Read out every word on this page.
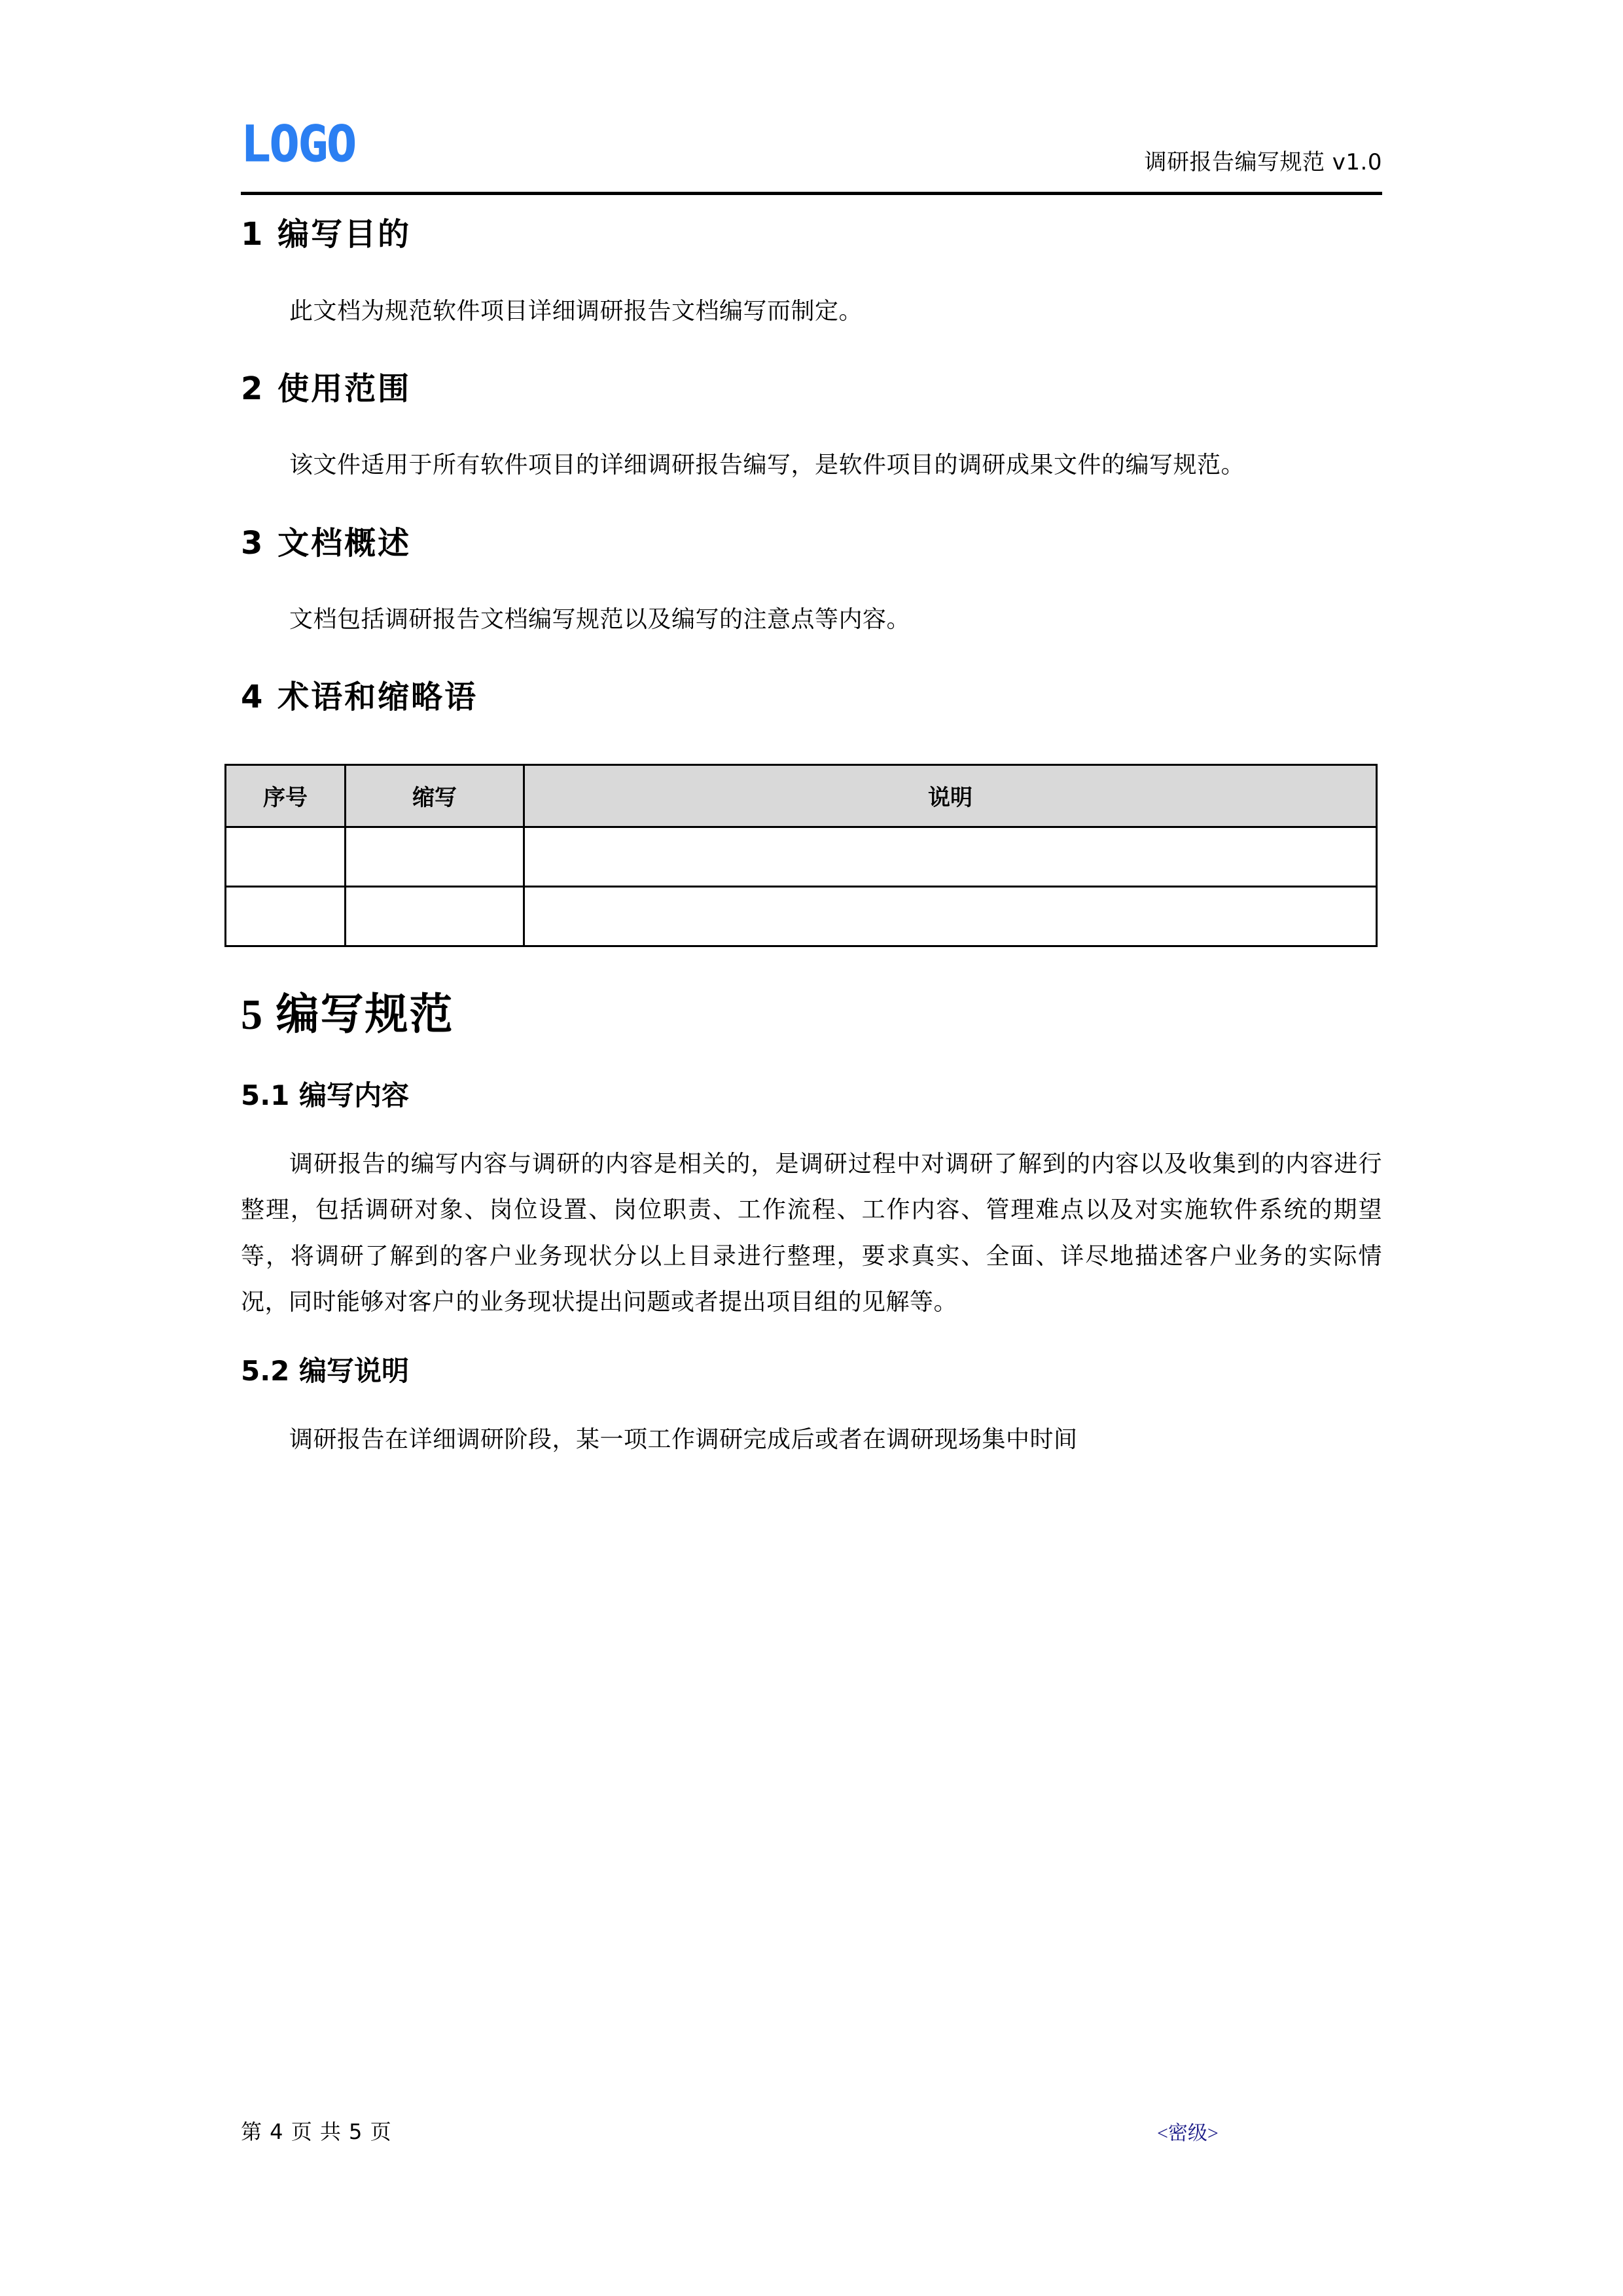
LOGO	调研报告编写规范 v1.0
1 编写目的

此文档为规范软件项目详细调研报告文档编写而制定。

2 使用范围

该文件适用于所有软件项目的详细调研报告编写，是软件项目的调研成果文件的编写规范。

3 文档概述

文档包括调研报告文档编写规范以及编写的注意点等内容。

4 术语和缩略语
序号	缩写	说明

5 编写规范
5.1 编写内容

调研报告的编写内容与调研的内容是相关的，是调研过程中对调研了解到的内容以及收集到的内容进行整理，包括调研对象、岗位设置、岗位职责、工作流程、工作内容、管理难点以及对实施软件系统的期望等，将调研了解到的客户业务现状分以上目录进行整理，要求真实、全面、详尽地描述客户业务的实际情况，同时能够对客户的业务现状提出问题或者提出项目组的见解等。

5.2 编写说明

调研报告在详细调研阶段，某一项工作调研完成后或者在调研现场集中时间

第 4 页 共 5 页	<密级>
